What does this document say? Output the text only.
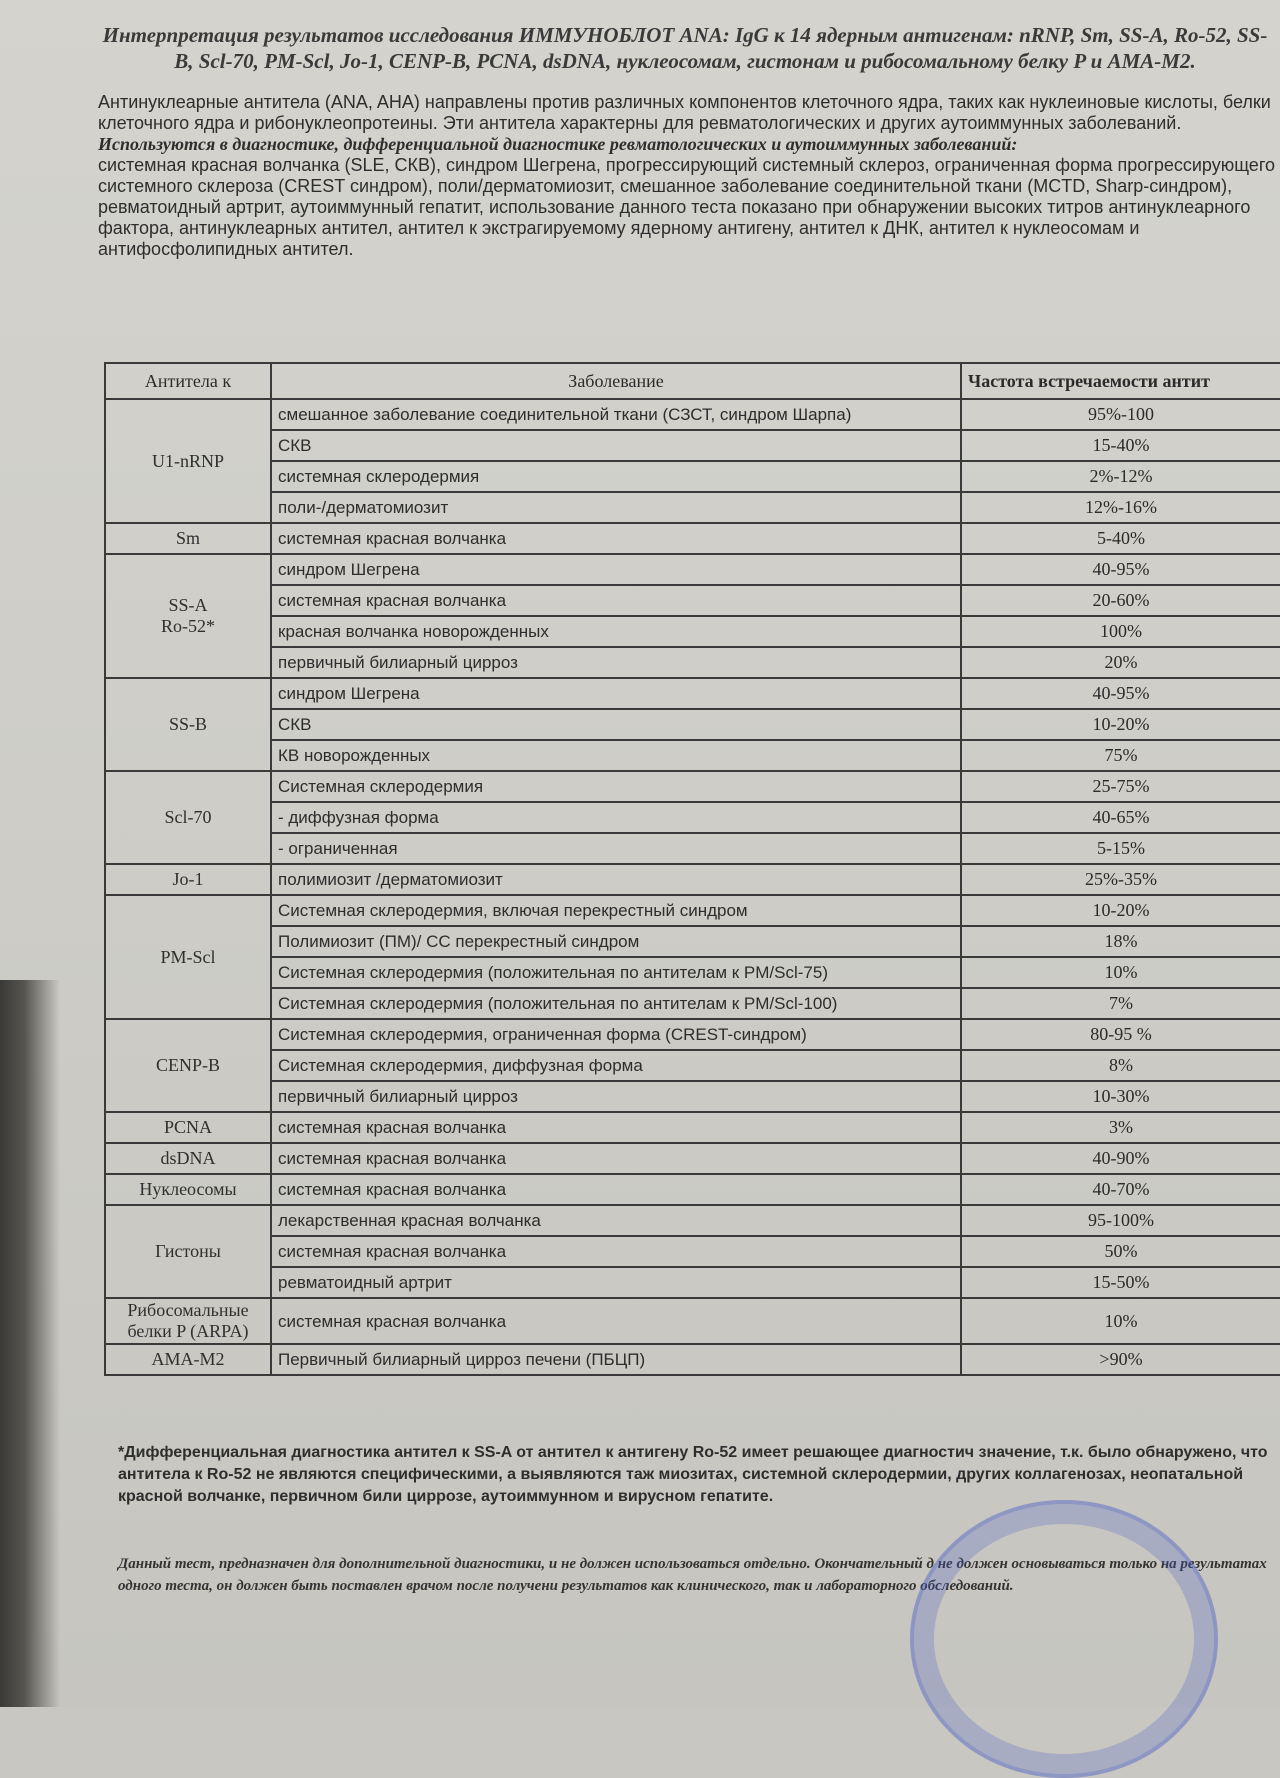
Интерпретация результатов исследования ИММУНОБЛОТ ANA: IgG к 14 ядерным антигенам: nRNP, Sm, SS-A, Ro-52, SS-B, Scl-70, PM-Scl, Jo-1, CENP-B, PCNA, dsDNA, нуклеосомам, гистонам и рибосомальному белку P и АМА-М2.

Антинуклеарные антитела (ANA, AHA) направлены против различных компонентов клеточного ядра, таких как нуклеиновые кислоты, белки клеточного ядра и рибонуклеопротеины. Эти антитела характерны для ревматологических и других аутоиммунных заболеваний.

Используются в диагностике, дифференциальной диагностике ревматологических и аутоиммунных заболеваний:

системная красная волчанка (SLE, СКВ), синдром Шегрена, прогрессирующий системный склероз, ограниченная форма прогрессирующего системного склероза (CREST синдром), поли/дерматомиозит, смешанное заболевание соединительной ткани (MCTD, Sharp-синдром), ревматоидный артрит, аутоиммунный гепатит, использование данного теста показано при обнаружении высоких титров антинуклеарного фактора, антинуклеарных антител, антител к экстрагируемому ядерному антигену, антител к ДНК, антител к нуклеосомам и антифосфолипидных антител.

Антитела к	Заболевание	Частота встречаемости антит
U1-nRNP	смешанное заболевание соединительной ткани (СЗСТ, синдром Шарпа)	95%-100
	СКВ	15-40%
	системная склеродермия	2%-12%
	поли-/дерматомиозит	12%-16%
Sm	системная красная волчанка	5-40%
SS-A
Ro-52*	синдром Шегрена	40-95%
	системная красная волчанка	20-60%
	красная волчанка новорожденных	100%
	первичный билиарный цирроз	20%
SS-B	синдром Шегрена	40-95%
	СКВ	10-20%
	КВ новорожденных	75%
Scl-70	Системная склеродермия	25-75%
	- диффузная форма	40-65%
	- ограниченная	5-15%
Jo-1	полимиозит /дерматомиозит	25%-35%
PM-Scl	Системная склеродермия, включая перекрестный синдром	10-20%
	Полимиозит (ПМ)/ СС перекрестный синдром	18%
	Системная склеродермия (положительная по антителам к PM/Scl-75)	10%
	Системная склеродермия (положительная по антителам к PM/Scl-100)	7%
CENP-B	Системная склеродермия, ограниченная форма (CREST-синдром)	80-95 %
	Системная склеродермия, диффузная форма	8%
	первичный билиарный цирроз	10-30%
PCNA	системная красная волчанка	3%
dsDNA	системная красная волчанка	40-90%
Нуклеосомы	системная красная волчанка	40-70%
Гистоны	лекарственная красная волчанка	95-100%
	системная красная волчанка	50%
	ревматоидный артрит	15-50%
Рибосомальные
белки P (ARPA)	системная красная волчанка	10%
AMA-M2	Первичный билиарный цирроз печени (ПБЦП)	>90%

*Дифференциальная диагностика антител к SS-A от антител к антигену Ro-52 имеет решающее диагностич значение, т.к. было обнаружено, что антитела к Ro-52 не являются специфическими, а выявляются таж миозитах, системной склеродермии, других коллагенозах, неопатальной красной волчанке, первичном били циррозе, аутоиммунном и вирусном гепатите.

Данный тест, предназначен для дополнительной диагностики, и не должен использоваться отдельно. Окончательный д не должен основываться только на результатах одного теста, он должен быть поставлен врачом после получени результатов как клинического, так и лабораторного обследований.
